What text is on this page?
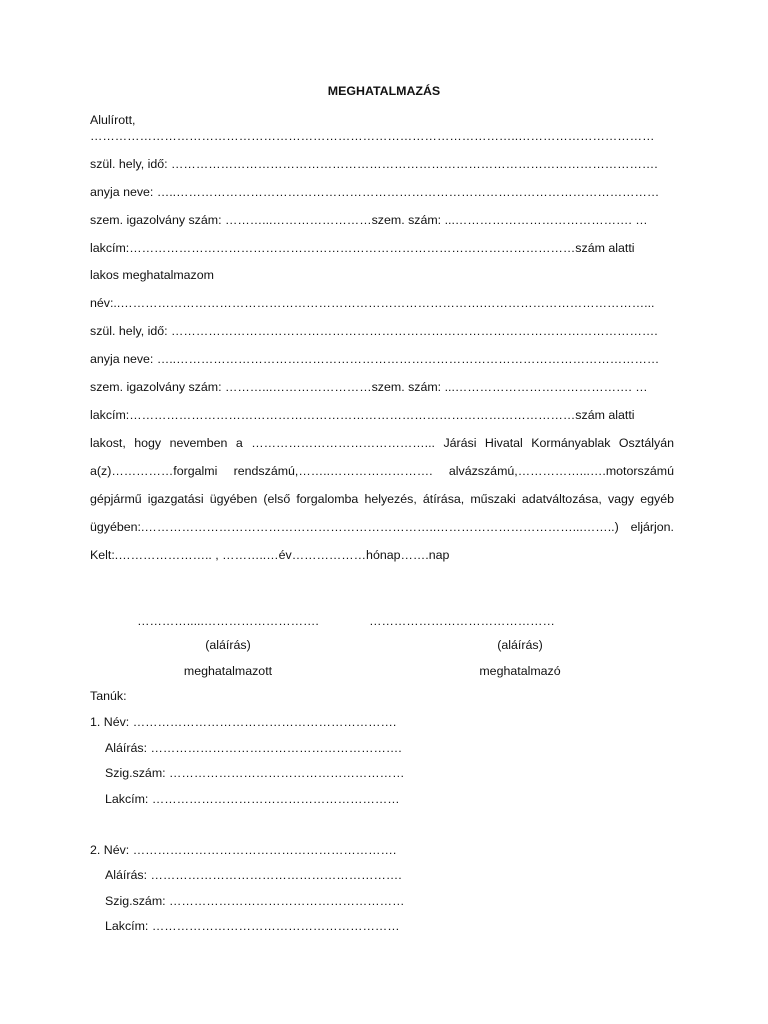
MEGHATALMAZÁS
Alulírott,
…………………………………………………………………………………………..……………………………
szül. hely, idő: ……………………………………………………………………………………………………….
anyja neve: …..………………………………………………………………………………………………………
szem. igazolvány szám: ………...……………………szem. szám: ...……………………………………. …
lakcím:………………………………………………………………………………………………szám alatti
lakos meghatalmazom
név:..…………………………………………………………………………….…………………………………...
szül. hely, idő: ……………………………………………………………………………………………………….
anyja neve: …..………………………………………………………………………………………………………
szem. igazolvány szám: ………...……………………szem. szám: ...……………………………………. …
lakcím:………………………………………………………………………………………………szám alatti
lakost, hogy nevemben a ……………………………………... Járási Hivatal Kormányablak Osztályán
a(z)……………forgalmi rendszámú,……..……………………. alvázszámú,……………...….motorszámú
gépjármű igazgatási ügyében (első forgalomba helyezés, átírása, műszaki adatváltozása, vagy egyéb
ügyében:.……………………………………………………………..……………………………...……..) eljárjon.
Kelt:.………………….. , ………..…év………………hónap…….nap
………….....……………………….	………………………………………
(aláírás)	(aláírás)
meghatalmazott	meghatalmazó
Tanúk:
1. Név: ……………………………………………………….
Aláírás: …………………………………………………….
Szig.szám: …………………………………………………
Lakcím: ……………………………………………………
2. Név: ……………………………………………………….
Aláírás: …………………………………………………….
Szig.szám: …………………………………………………
Lakcím: ……………………………………………………
